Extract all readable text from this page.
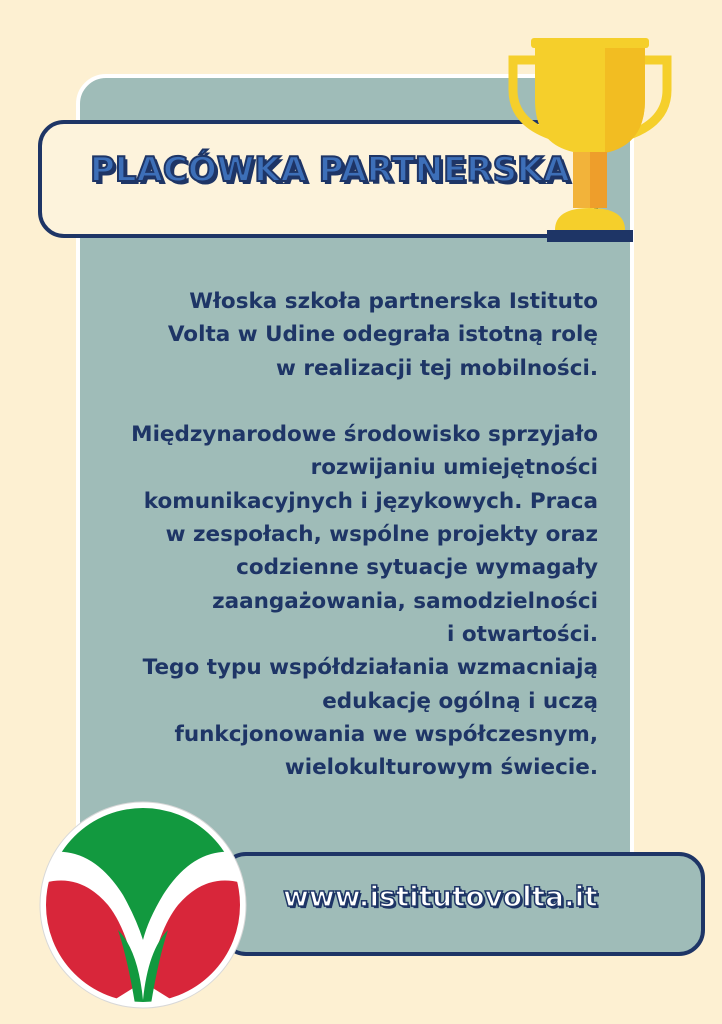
PLACÓWKA PARTNERSKA
Włoska szkoła partnerska Istituto
Volta w Udine odegrała istotną rolę
w realizacji tej mobilności.

Międzynarodowe środowisko sprzyjało
rozwijaniu umiejętności
komunikacyjnych i językowych. Praca
w zespołach, wspólne projekty oraz
codzienne sytuacje wymagały
zaangażowania, samodzielności
i otwartości.
Tego typu współdziałania wzmacniają
edukację ogólną i uczą
funkcjonowania we współczesnym,
wielokulturowym świecie.
www.istitutovolta.it
